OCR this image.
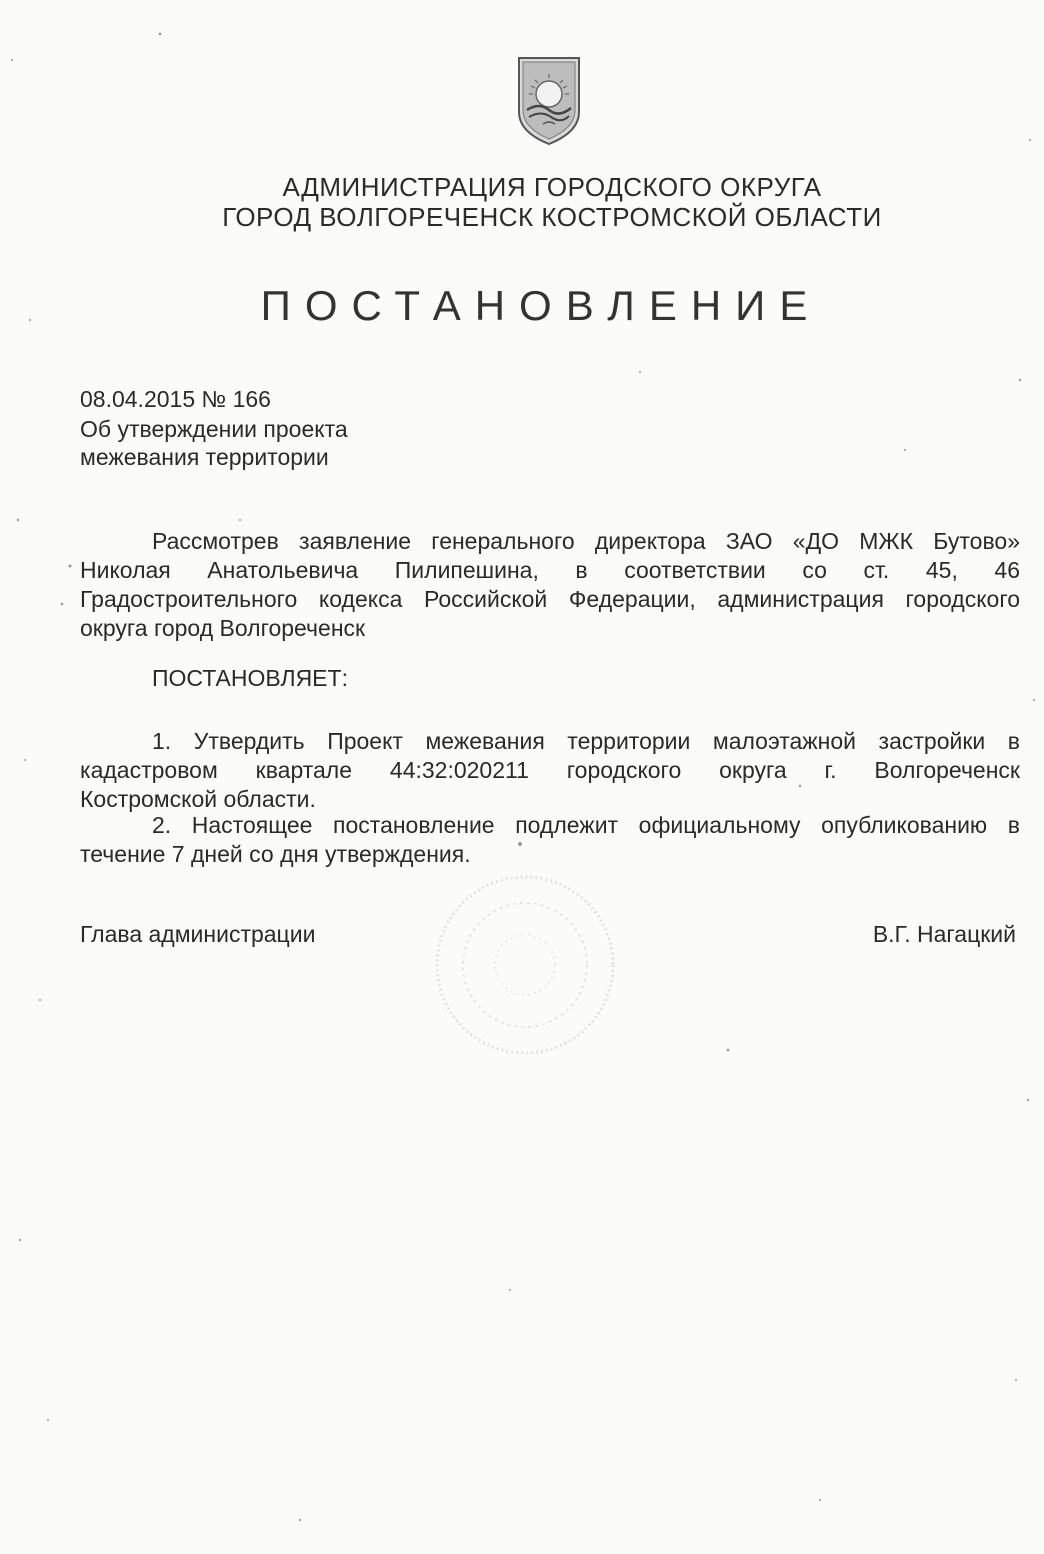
АДМИНИСТРАЦИЯ ГОРОДСКОГО ОКРУГА
ГОРОД ВОЛГОРЕЧЕНСК КОСТРОМСКОЙ ОБЛАСТИ
ПОСТАНОВЛЕНИЕ
08.04.2015 № 166
Об утверждении проекта
межевания территории
Рассмотрев заявление генерального директора ЗАО «ДО МЖК Бутово»
Николая Анатольевича Пилипешина, в соответствии со ст. 45, 46
Градостроительного кодекса Российской Федерации, администрация городского
округа город Волгореченск
ПОСТАНОВЛЯЕТ:
1. Утвердить Проект межевания территории малоэтажной застройки в
кадастровом квартале 44:32:020211 городского округа г. Волгореченск
Костромской области.
2. Настоящее постановление подлежит официальному опубликованию в
течение 7 дней со дня утверждения.
Глава администрации	В.Г. Нагацкий
